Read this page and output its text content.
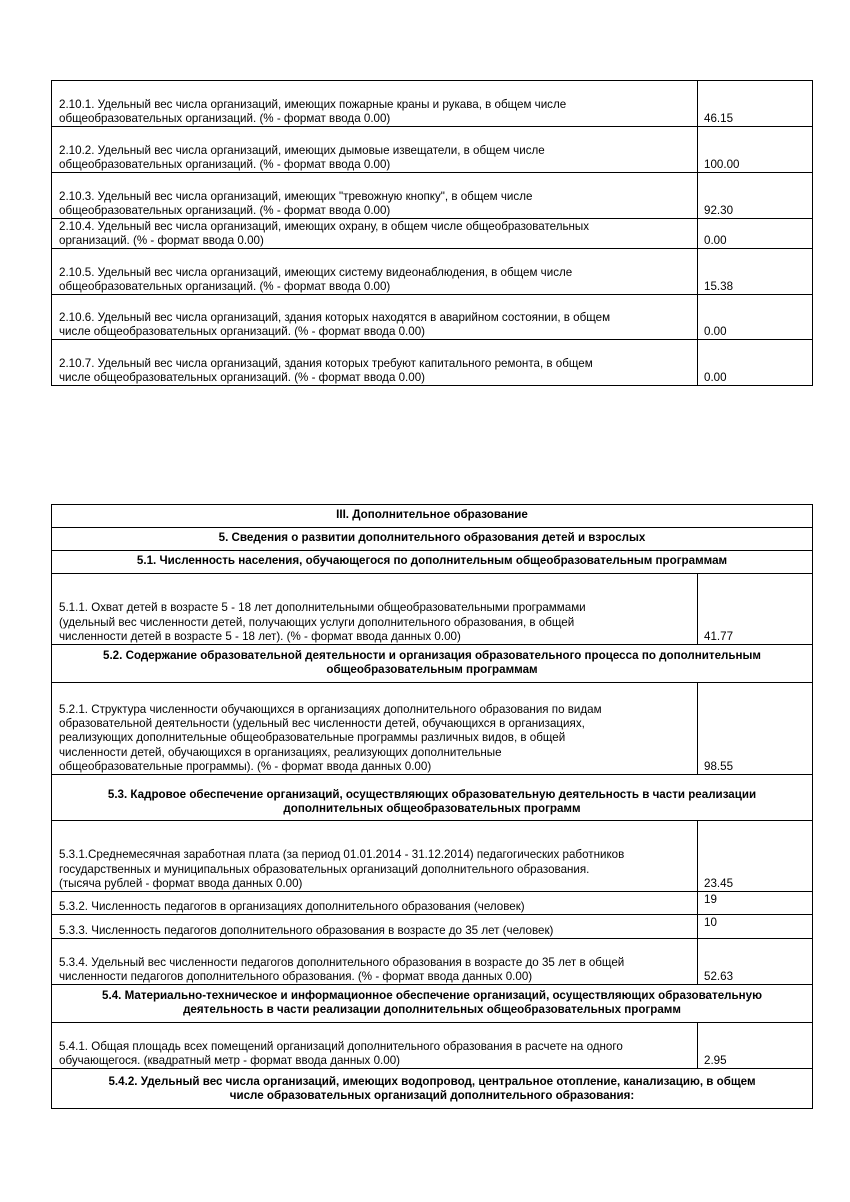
2.10.1. Удельный вес числа организаций, имеющих пожарные краны и рукава, в общем числе
общеобразовательных организаций. (% - формат ввода 0.00)	46.15
2.10.2. Удельный вес числа организаций, имеющих дымовые извещатели, в общем числе
общеобразовательных организаций. (% - формат ввода 0.00)	100.00
2.10.3. Удельный вес числа организаций, имеющих "тревожную кнопку", в общем числе
общеобразовательных организаций. (% - формат ввода 0.00)	92.30
2.10.4. Удельный вес числа организаций, имеющих охрану, в общем числе общеобразовательных
организаций. (% - формат ввода 0.00)	0.00
2.10.5. Удельный вес числа организаций, имеющих систему видеонаблюдения, в общем числе
общеобразовательных организаций. (% - формат ввода 0.00)	15.38
2.10.6. Удельный вес числа организаций, здания которых находятся в аварийном состоянии, в общем
числе общеобразовательных организаций. (% - формат ввода 0.00)	0.00
2.10.7. Удельный вес числа организаций, здания которых требуют капитального ремонта, в общем
числе общеобразовательных организаций. (% - формат ввода 0.00)	0.00
III. Дополнительное образование	
5. Сведения о развитии дополнительного образования детей и взрослых	
5.1. Численность населения, обучающегося по дополнительным общеобразовательным программам	
5.1.1. Охват детей в возрасте 5 - 18 лет дополнительными общеобразовательными программами
(удельный вес численности детей, получающих услуги дополнительного образования, в общей
численности детей в возрасте 5 - 18 лет). (% - формат ввода данных 0.00)	41.77
5.2. Содержание образовательной деятельности и организация образовательного процесса по дополнительным
общеобразовательным программам	
5.2.1. Структура численности обучающихся в организациях дополнительного образования по видам
образовательной деятельности (удельный вес численности детей, обучающихся в организациях,
реализующих дополнительные общеобразовательные программы различных видов, в общей
численности детей, обучающихся в организациях, реализующих дополнительные
общеобразовательные программы). (% - формат ввода данных 0.00)	98.55
5.3. Кадровое обеспечение организаций, осуществляющих образовательную деятельность в части реализации
дополнительных общеобразовательных программ	
5.3.1.Среднемесячная заработная плата (за период 01.01.2014 - 31.12.2014) педагогических работников
государственных и муниципальных образовательных организаций дополнительного образования.
(тысяча рублей - формат ввода данных 0.00)	23.45
5.3.2. Численность педагогов в организациях дополнительного образования (человек)	19
5.3.3. Численность педагогов дополнительного образования в возрасте до 35 лет (человек)	10
5.3.4. Удельный вес численности педагогов дополнительного образования в возрасте до 35 лет в общей
численности педагогов дополнительного образования. (% - формат ввода данных 0.00)	52.63
5.4. Материально-техническое и информационное обеспечение организаций, осуществляющих образовательную
деятельность в части реализации дополнительных общеобразовательных программ	
5.4.1. Общая площадь всех помещений организаций дополнительного образования в расчете на одного
обучающегося. (квадратный метр - формат ввода данных 0.00)	2.95
5.4.2. Удельный вес числа организаций, имеющих водопровод, центральное отопление, канализацию, в общем
числе образовательных организаций дополнительного образования:	
